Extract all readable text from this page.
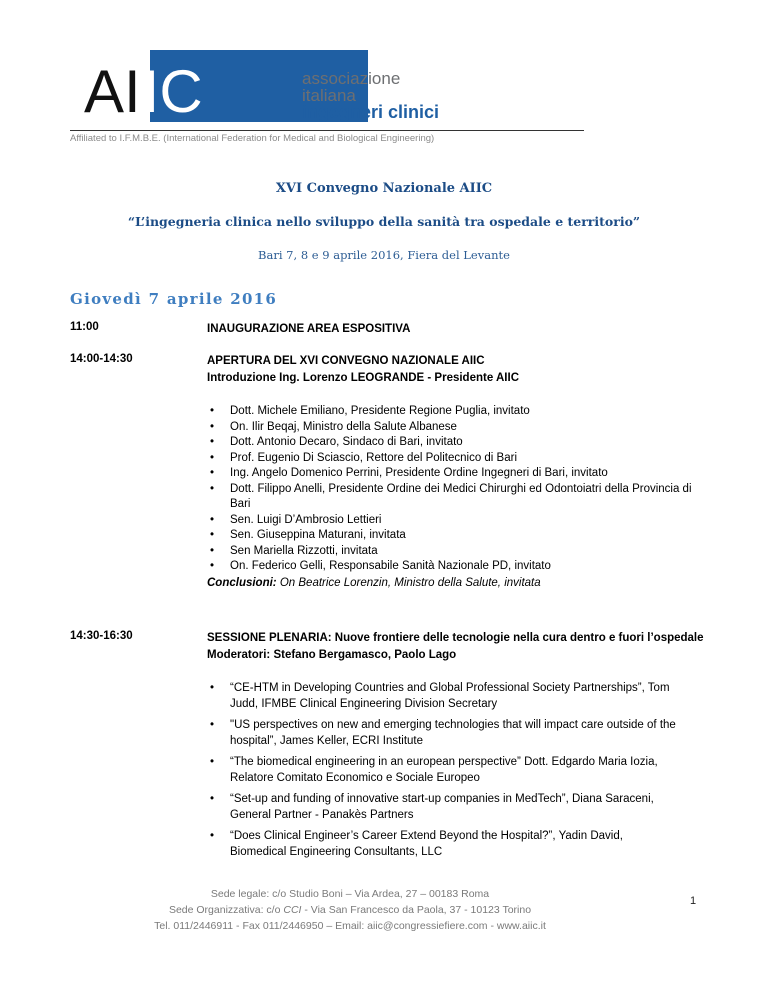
A I I C	associazione
italiana
ingegneri clinici
Affiliated to I.F.M.B.E. (International Federation for Medical and Biological Engineering)
XVI Convegno Nazionale AIIC
“L’ingegneria clinica nello sviluppo della sanità tra ospedale e territorio”
Bari 7, 8 e 9 aprile 2016, Fiera del Levante
Giovedì 7 aprile 2016
11:00	INAUGURAZIONE AREA ESPOSITIVA
14:00-14:30	APERTURA DEL XVI CONVEGNO NAZIONALE AIIC
Introduzione Ing. Lorenzo LEOGRANDE - Presidente AIIC
• Dott. Michele Emiliano, Presidente Regione Puglia, invitato
• On. Ilir Beqaj, Ministro della Salute Albanese
• Dott. Antonio Decaro, Sindaco di Bari, invitato
• Prof. Eugenio Di Sciascio, Rettore del Politecnico di Bari
• Ing. Angelo Domenico Perrini, Presidente Ordine Ingegneri di Bari, invitato
• Dott. Filippo Anelli, Presidente Ordine dei Medici Chirurghi ed Odontoiatri della Provincia di Bari
• Sen. Luigi D’Ambrosio Lettieri
• Sen. Giuseppina Maturani, invitata
• Sen Mariella Rizzotti, invitata
• On. Federico Gelli, Responsabile Sanità Nazionale PD, invitato
Conclusioni: On Beatrice Lorenzin, Ministro della Salute, invitata
14:30-16:30	SESSIONE PLENARIA: Nuove frontiere delle tecnologie nella cura dentro e fuori l’ospedale
Moderatori: Stefano Bergamasco, Paolo Lago
• “CE-HTM in Developing Countries and Global Professional Society Partnerships”, Tom Judd, IFMBE Clinical Engineering Division Secretary
• "US perspectives on new and emerging technologies that will impact care outside of the hospital”, James Keller, ECRI Institute
• “The biomedical engineering in an european perspective” Dott. Edgardo Maria Iozia, Relatore Comitato Economico e Sociale Europeo
• “Set-up and funding of innovative start-up companies in MedTech”, Diana Saraceni, General Partner - Panakès Partners
• “Does Clinical Engineer’s Career Extend Beyond the Hospital?”, Yadin David, Biomedical Engineering Consultants, LLC
Sede legale: c/o Studio Boni – Via Ardea, 27 – 00183 Roma
Sede Organizzativa: c/o CCI - Via San Francesco da Paola, 37 - 10123 Torino
Tel. 011/2446911 - Fax 011/2446950 – Email: aiic@congressiefiere.com - www.aiic.it
1
